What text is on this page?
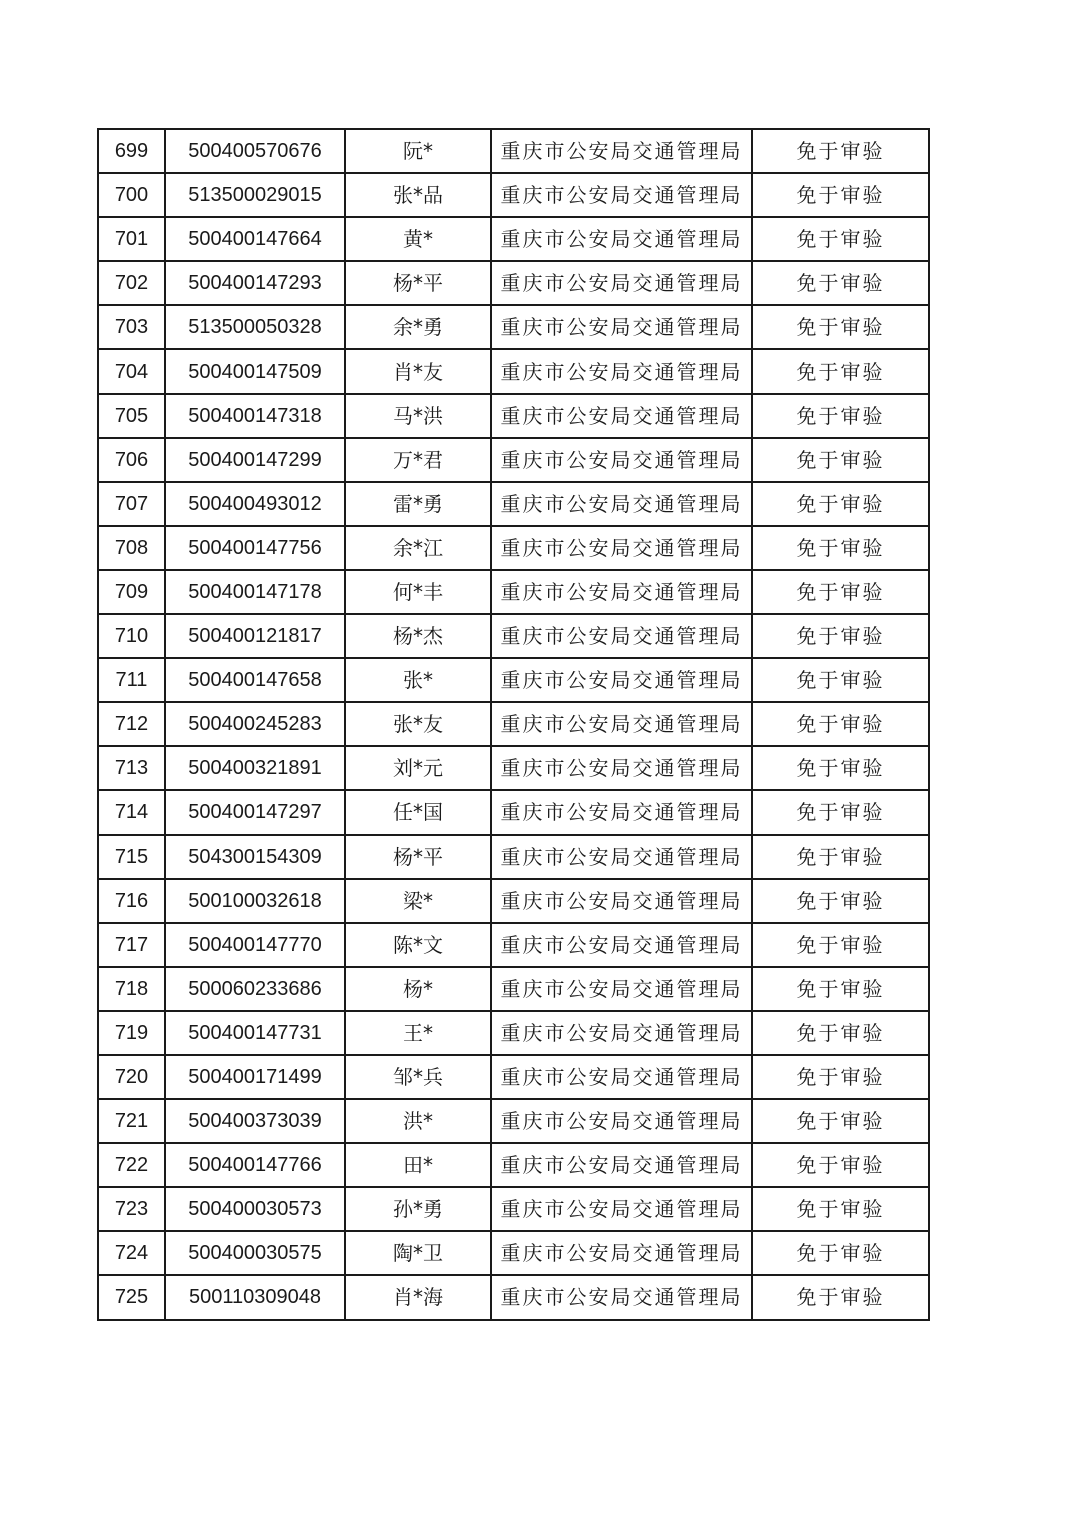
699	500400570676	阮*	重庆市公安局交通管理局	免于审验
700	513500029015	张*品	重庆市公安局交通管理局	免于审验
701	500400147664	黄*	重庆市公安局交通管理局	免于审验
702	500400147293	杨*平	重庆市公安局交通管理局	免于审验
703	513500050328	余*勇	重庆市公安局交通管理局	免于审验
704	500400147509	肖*友	重庆市公安局交通管理局	免于审验
705	500400147318	马*洪	重庆市公安局交通管理局	免于审验
706	500400147299	万*君	重庆市公安局交通管理局	免于审验
707	500400493012	雷*勇	重庆市公安局交通管理局	免于审验
708	500400147756	余*江	重庆市公安局交通管理局	免于审验
709	500400147178	何*丰	重庆市公安局交通管理局	免于审验
710	500400121817	杨*杰	重庆市公安局交通管理局	免于审验
711	500400147658	张*	重庆市公安局交通管理局	免于审验
712	500400245283	张*友	重庆市公安局交通管理局	免于审验
713	500400321891	刘*元	重庆市公安局交通管理局	免于审验
714	500400147297	任*国	重庆市公安局交通管理局	免于审验
715	504300154309	杨*平	重庆市公安局交通管理局	免于审验
716	500100032618	梁*	重庆市公安局交通管理局	免于审验
717	500400147770	陈*文	重庆市公安局交通管理局	免于审验
718	500060233686	杨*	重庆市公安局交通管理局	免于审验
719	500400147731	王*	重庆市公安局交通管理局	免于审验
720	500400171499	邹*兵	重庆市公安局交通管理局	免于审验
721	500400373039	洪*	重庆市公安局交通管理局	免于审验
722	500400147766	田*	重庆市公安局交通管理局	免于审验
723	500400030573	孙*勇	重庆市公安局交通管理局	免于审验
724	500400030575	陶*卫	重庆市公安局交通管理局	免于审验
725	500110309048	肖*海	重庆市公安局交通管理局	免于审验
